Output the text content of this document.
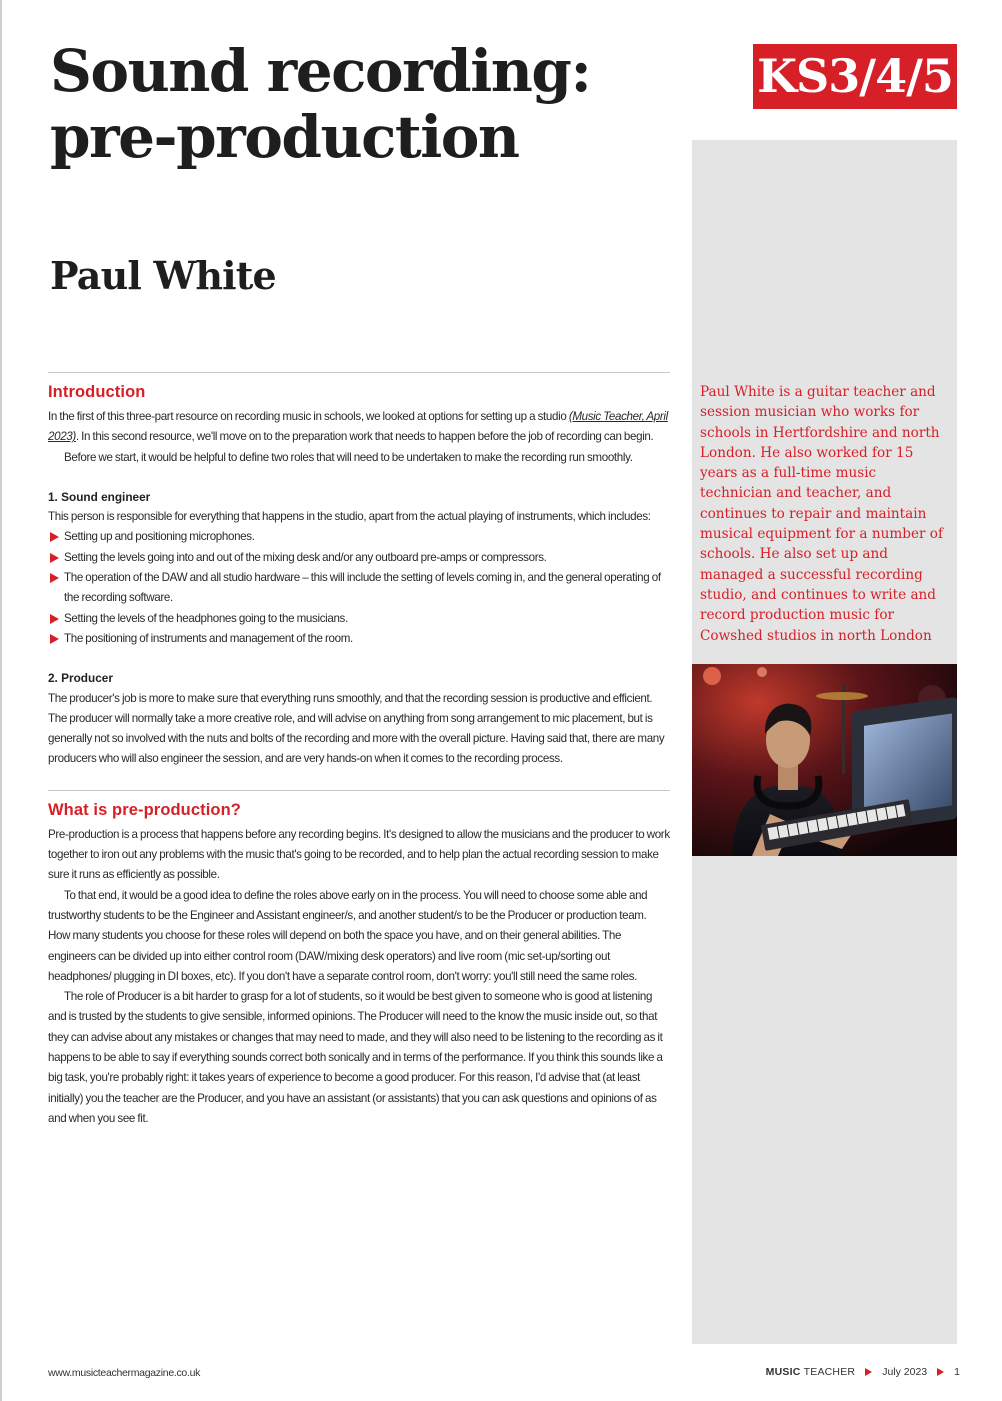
Sound recording:
pre-production
Paul White
KS3/4/5

Paul White is a guitar teacher and session musician who works for schools in Hertfordshire and north London. He also worked for 15 years as a full-time music technician and teacher, and continues to repair and maintain musical equipment for a number of schools. He also set up and managed a successful recording studio, and continues to write and record production music for Cowshed studios in north London

Introduction

In the first of this three-part resource on recording music in schools, we looked at options for setting up a studio (Music Teacher, April 2023). In this second resource, we'll move on to the preparation work that needs to happen before the job of recording can begin.

Before we start, it would be helpful to define two roles that will need to be undertaken to make the recording run smoothly.

1. Sound engineer

This person is responsible for everything that happens in the studio, apart from the actual playing of instruments, which includes:

Setting up and positioning microphones.
Setting the levels going into and out of the mixing desk and/or any outboard pre-amps or compressors.
The operation of the DAW and all studio hardware – this will include the setting of levels coming in, and the general operating of the recording software.
Setting the levels of the headphones going to the musicians.
The positioning of instruments and management of the room.
2. Producer

The producer's job is more to make sure that everything runs smoothly, and that the recording session is productive and efficient. The producer will normally take a more creative role, and will advise on anything from song arrangement to mic placement, but is generally not so involved with the nuts and bolts of the recording and more with the overall picture. Having said that, there are many producers who will also engineer the session, and are very hands-on when it comes to the recording process.

What is pre-production?

Pre-production is a process that happens before any recording begins. It's designed to allow the musicians and the producer to work together to iron out any problems with the music that's going to be recorded, and to help plan the actual recording session to make sure it runs as efficiently as possible.

To that end, it would be a good idea to define the roles above early on in the process. You will need to choose some able and trustworthy students to be the Engineer and Assistant engineer/s, and another student/s to be the Producer or production team. How many students you choose for these roles will depend on both the space you have, and on their general abilities. The engineers can be divided up into either control room (DAW/mixing desk operators) and live room (mic set-up/sorting out headphones/ plugging in DI boxes, etc). If you don't have a separate control room, don't worry: you'll still need the same roles.

The role of Producer is a bit harder to grasp for a lot of students, so it would be best given to someone who is good at listening and is trusted by the students to give sensible, informed opinions. The Producer will need to the know the music inside out, so that they can advise about any mistakes or changes that may need to made, and they will also need to be listening to the recording as it happens to be able to say if everything sounds correct both sonically and in terms of the performance. If you think this sounds like a big task, you're probably right: it takes years of experience to become a good producer. For this reason, I'd advise that (at least initially) you the teacher are the Producer, and you have an assistant (or assistants) that you can ask questions and opinions of as and when you see fit.

www.musicteachermagazine.co.uk	MUSIC TEACHER	July 2023	1
